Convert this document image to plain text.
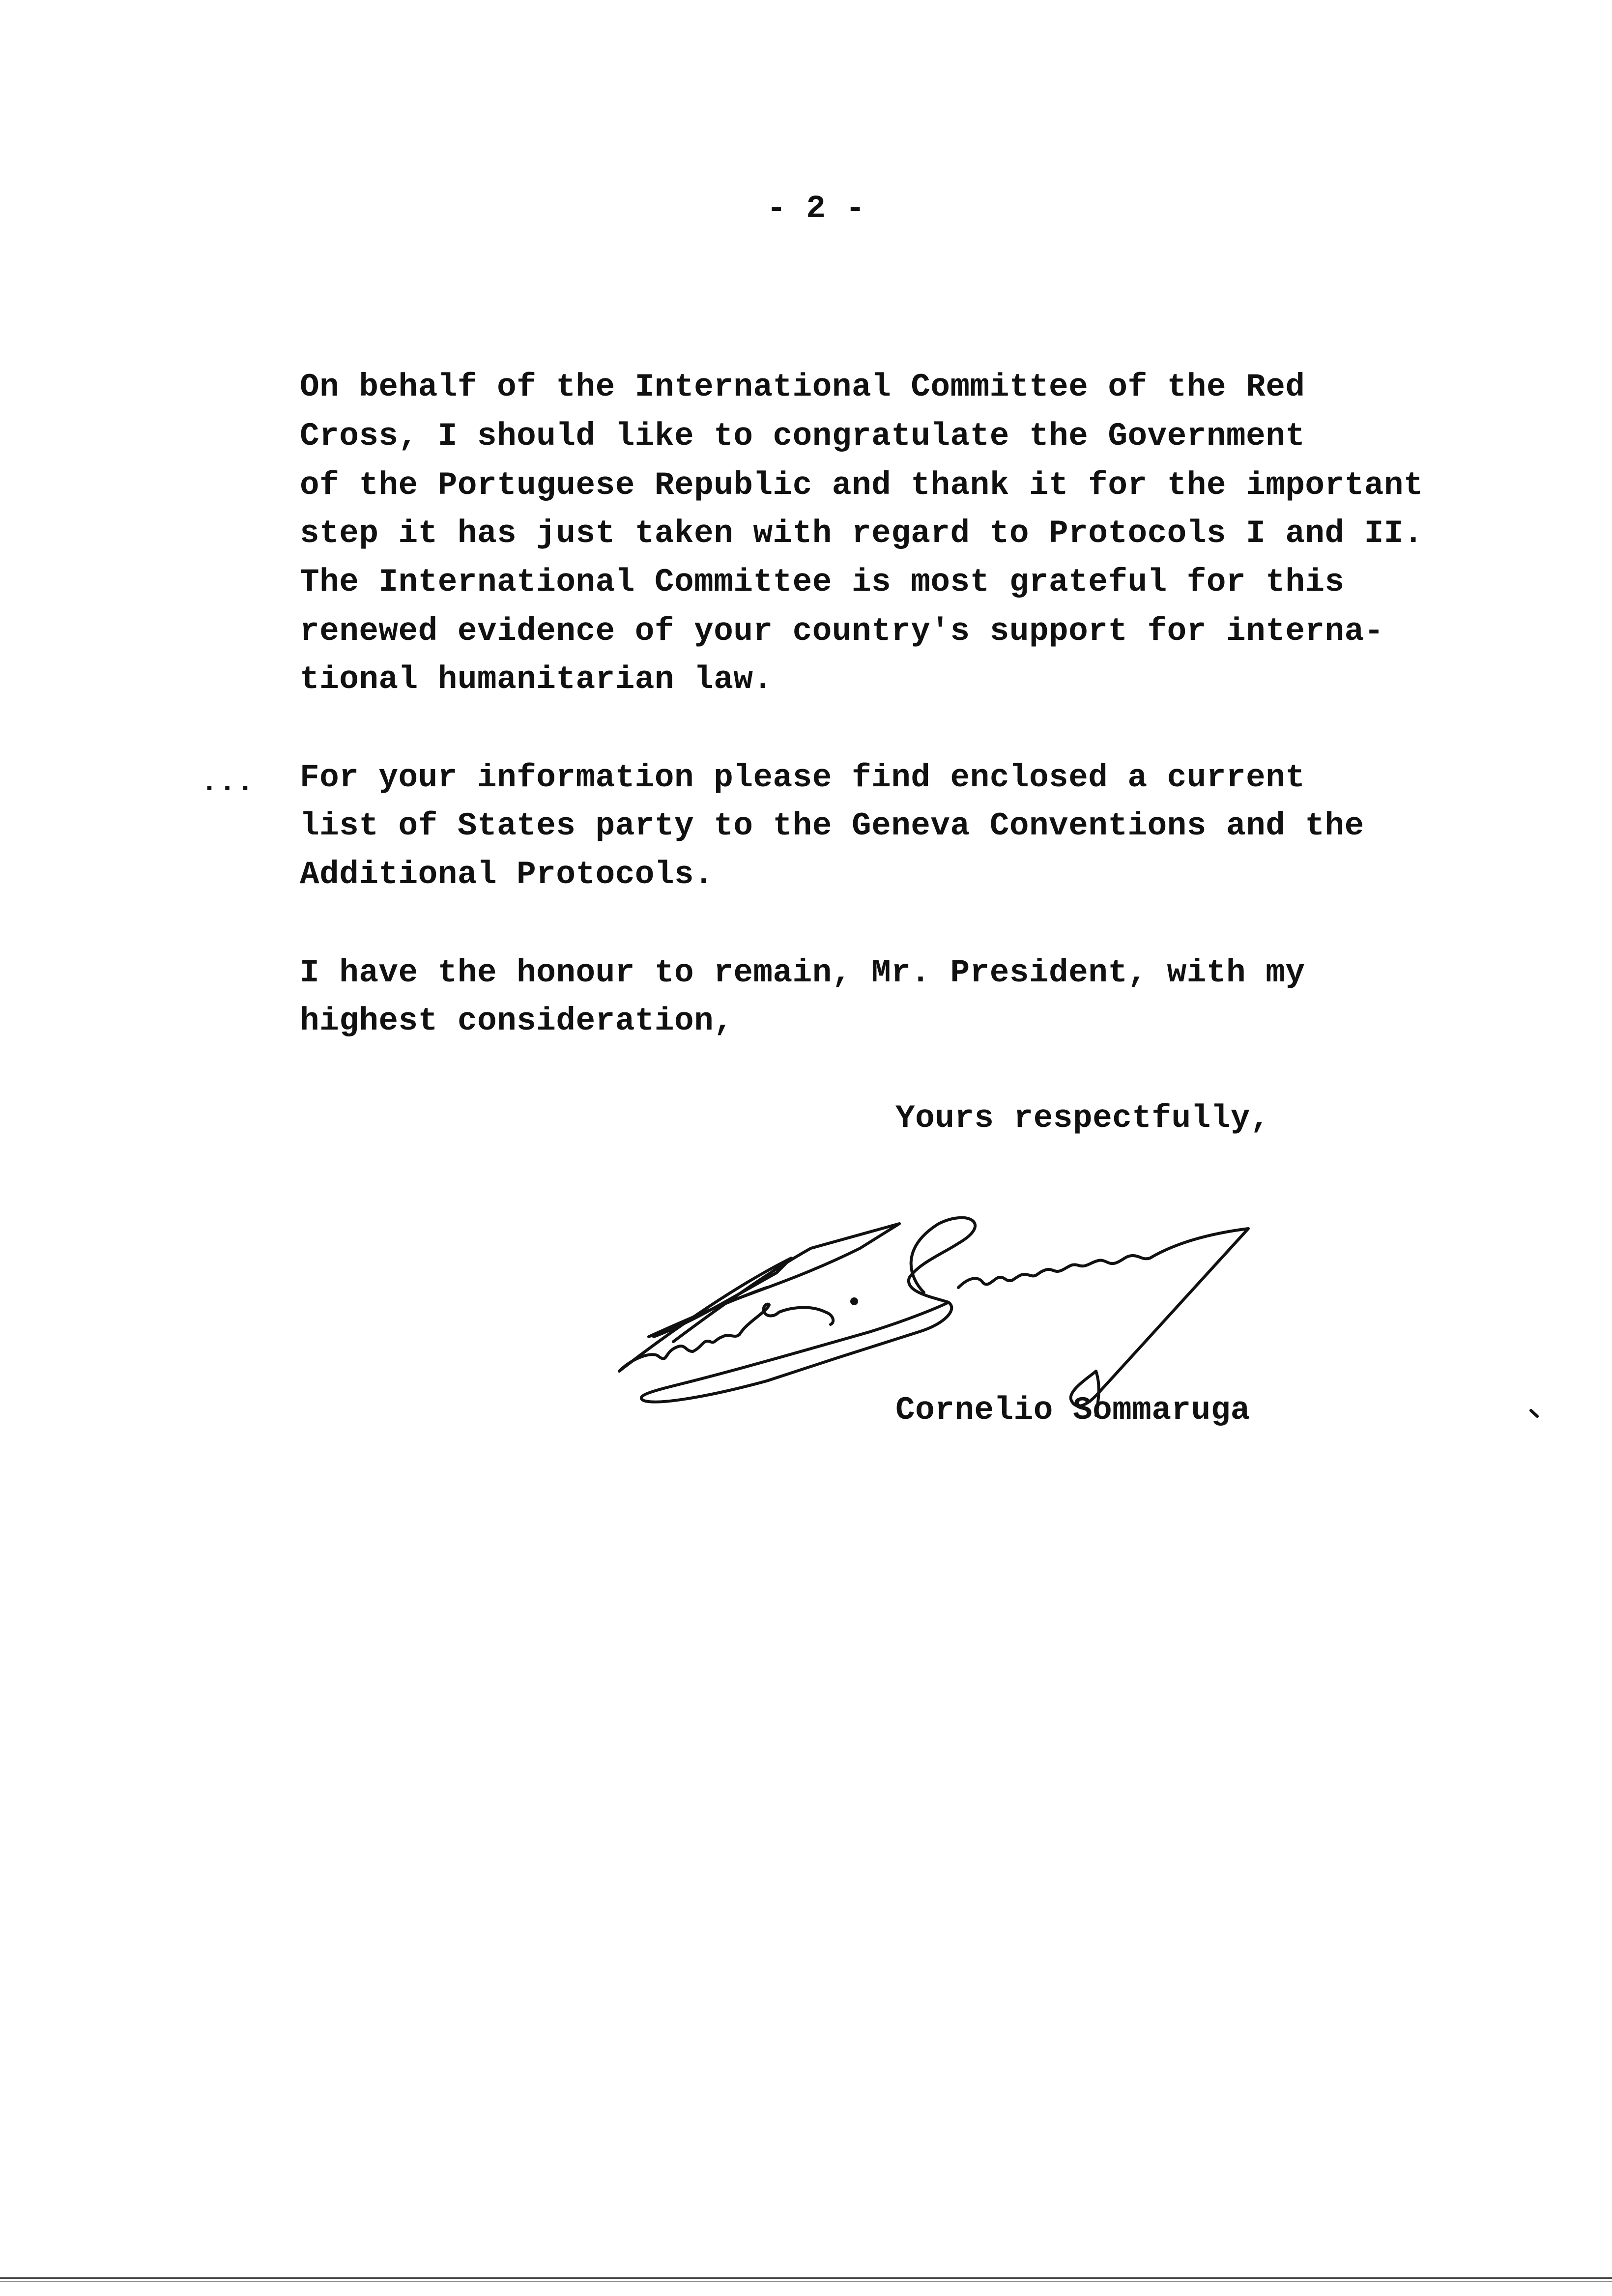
- 2 -
On behalf of the International Committee of the Red
Cross, I should like to congratulate the Government
of the Portuguese Republic and thank it for the important
step it has just taken with regard to Protocols I and II.
The International Committee is most grateful for this
renewed evidence of your country's support for interna-
tional humanitarian law.
... For your information please find enclosed a current
list of States party to the Geneva Conventions and the
Additional Protocols.
I have the honour to remain, Mr. President, with my
highest consideration,
Yours respectfully,
Cornelio Sommaruga
